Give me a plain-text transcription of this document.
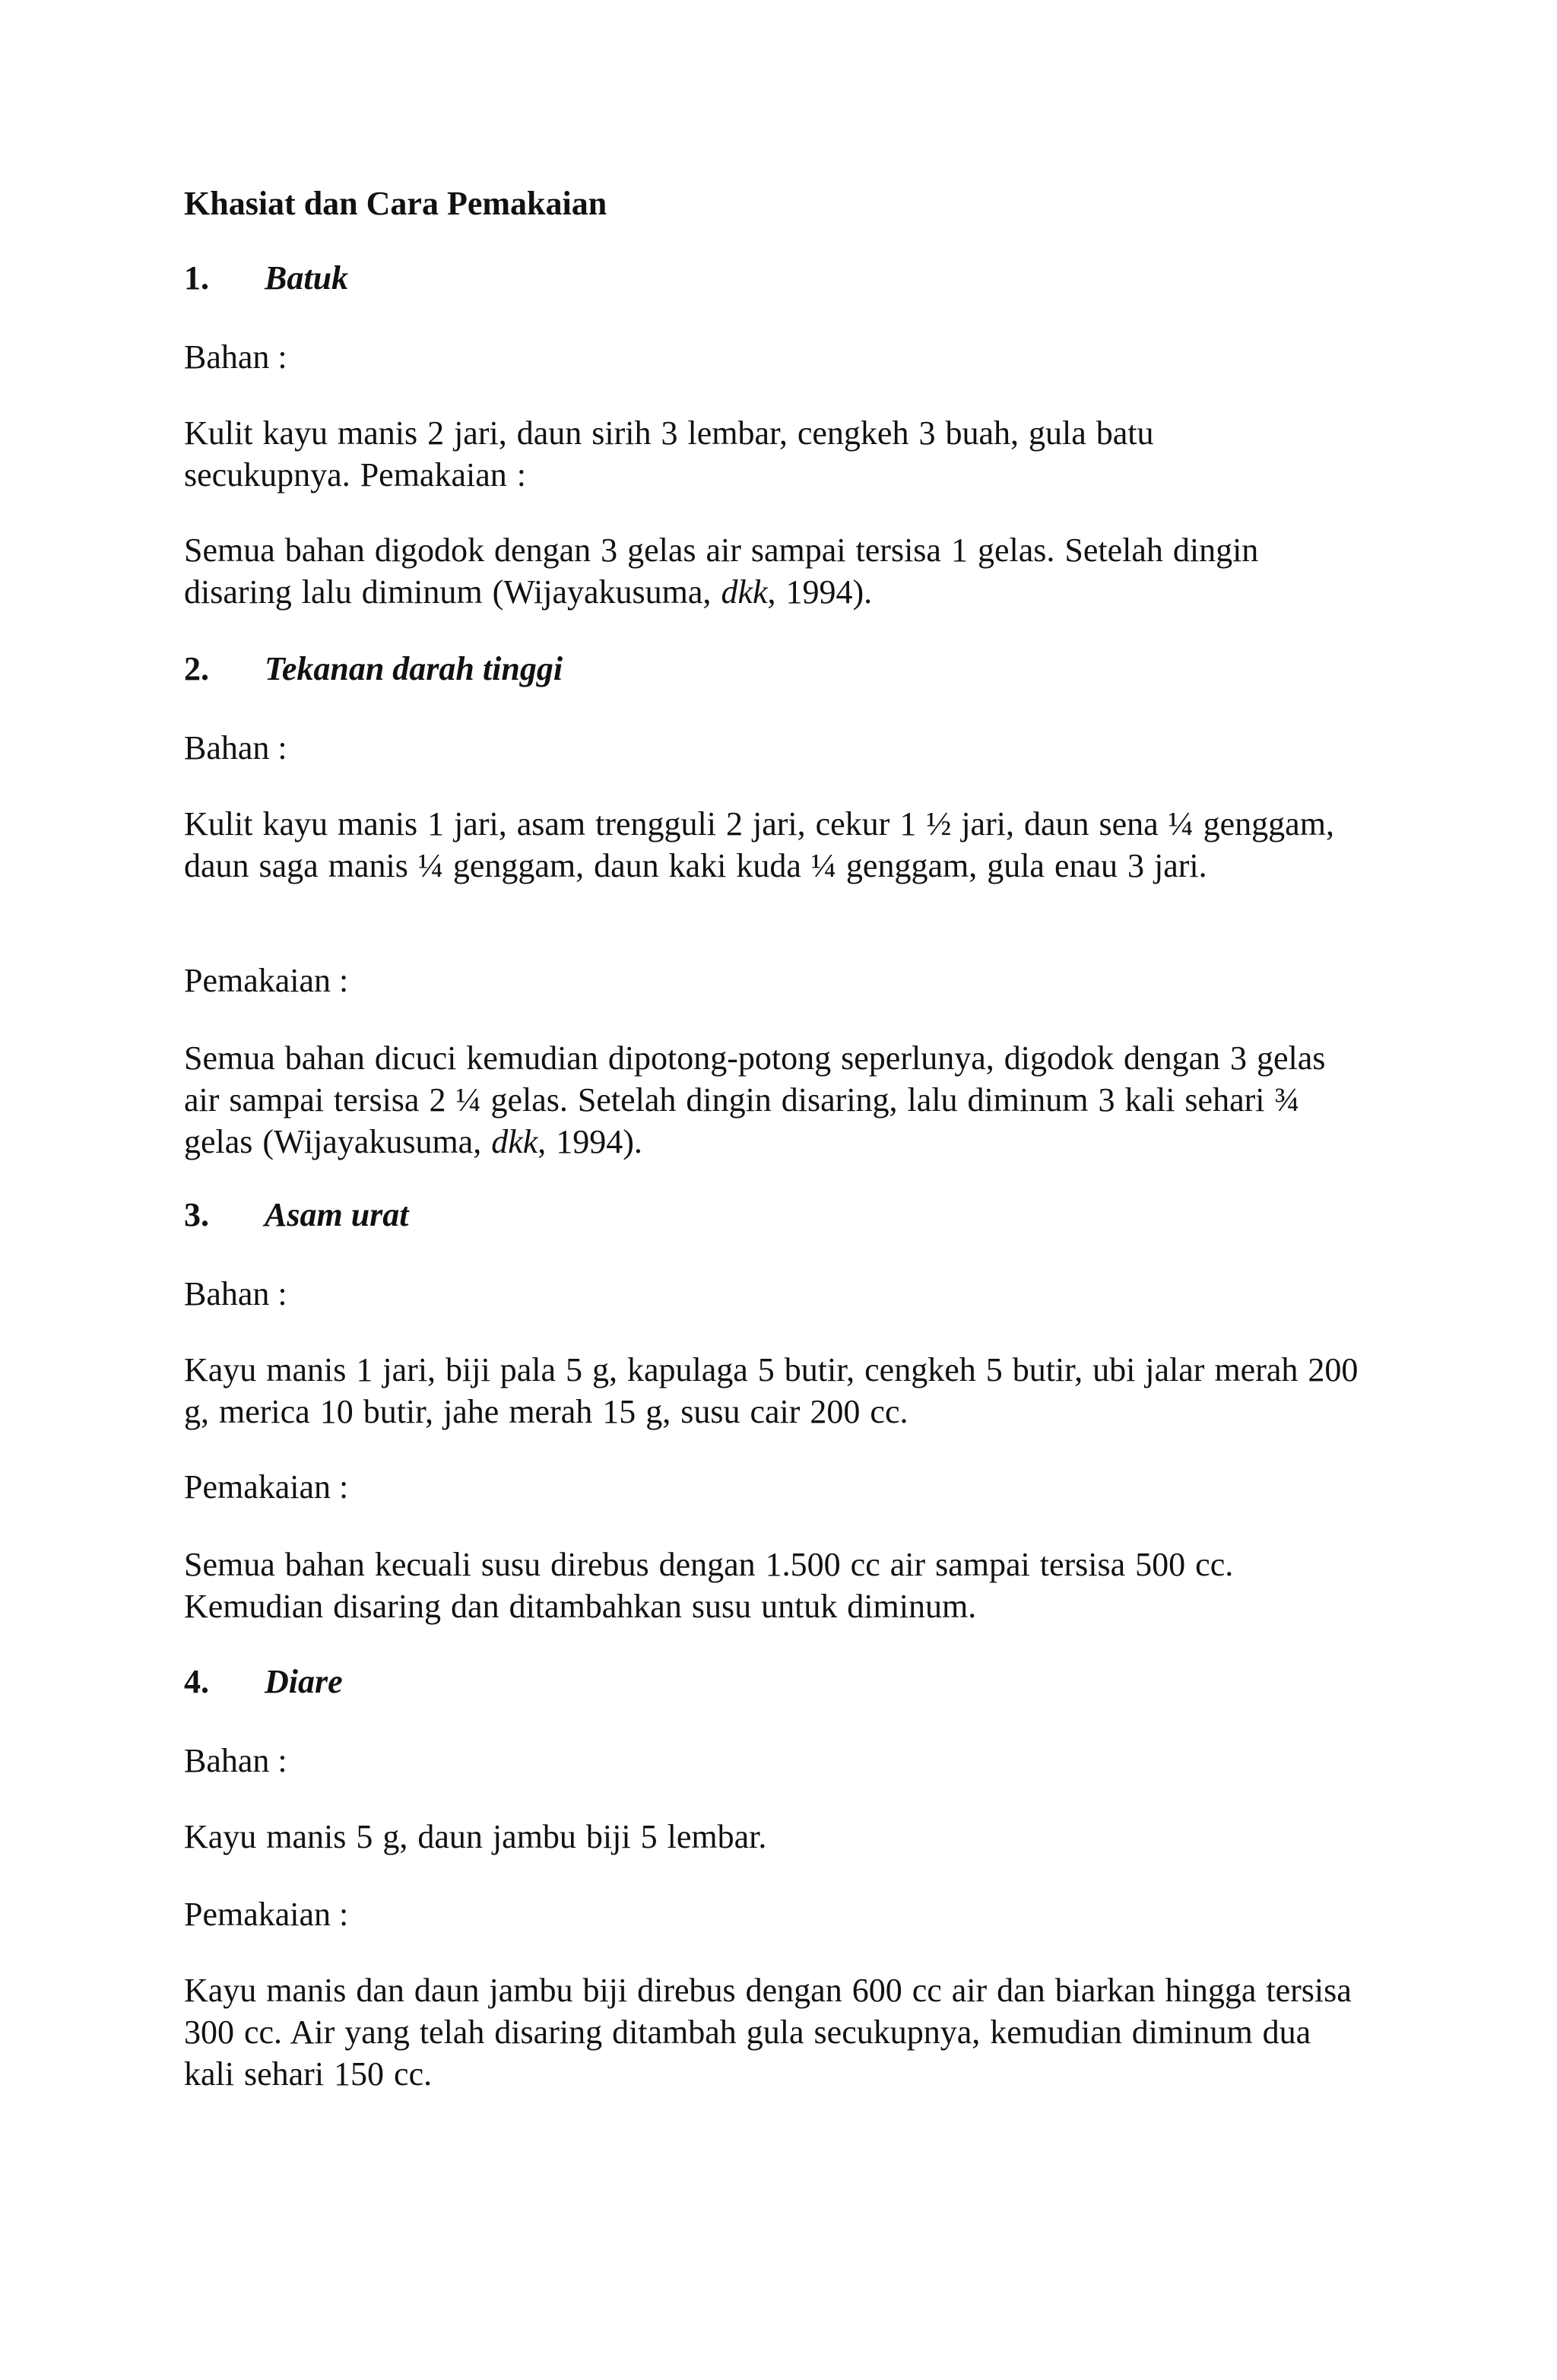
Khasiat dan Cara Pemakaian

1. Batuk

Bahan :

Kulit kayu manis 2 jari, daun sirih 3 lembar, cengkeh 3 buah, gula batu
secukupnya. Pemakaian :

Semua bahan digodok dengan 3 gelas air sampai tersisa 1 gelas. Setelah dingin disaring lalu diminum (Wijayakusuma, dkk, 1994).

2. Tekanan darah tinggi

Bahan :

Kulit kayu manis 1 jari, asam trengguli 2 jari, cekur 1 ½ jari, daun sena ¼ genggam, daun saga manis ¼ genggam, daun kaki kuda ¼ genggam, gula enau 3 jari.

Pemakaian :

Semua bahan dicuci kemudian dipotong-potong seperlunya, digodok dengan 3 gelas air sampai tersisa 2 ¼ gelas. Setelah dingin disaring, lalu diminum 3 kali sehari ¾ gelas (Wijayakusuma, dkk, 1994).

3. Asam urat

Bahan :

Kayu manis 1 jari, biji pala 5 g, kapulaga 5 butir, cengkeh 5 butir, ubi jalar merah 200 g, merica 10 butir, jahe merah 15 g, susu cair 200 cc.

Pemakaian :

Semua bahan kecuali susu direbus dengan 1.500 cc air sampai tersisa 500 cc. Kemudian disaring dan ditambahkan susu untuk diminum.

4. Diare

Bahan :

Kayu manis 5 g, daun jambu biji 5 lembar.

Pemakaian :

Kayu manis dan daun jambu biji direbus dengan 600 cc air dan biarkan hingga tersisa 300 cc. Air yang telah disaring ditambah gula secukupnya, kemudian diminum dua kali sehari 150 cc.
